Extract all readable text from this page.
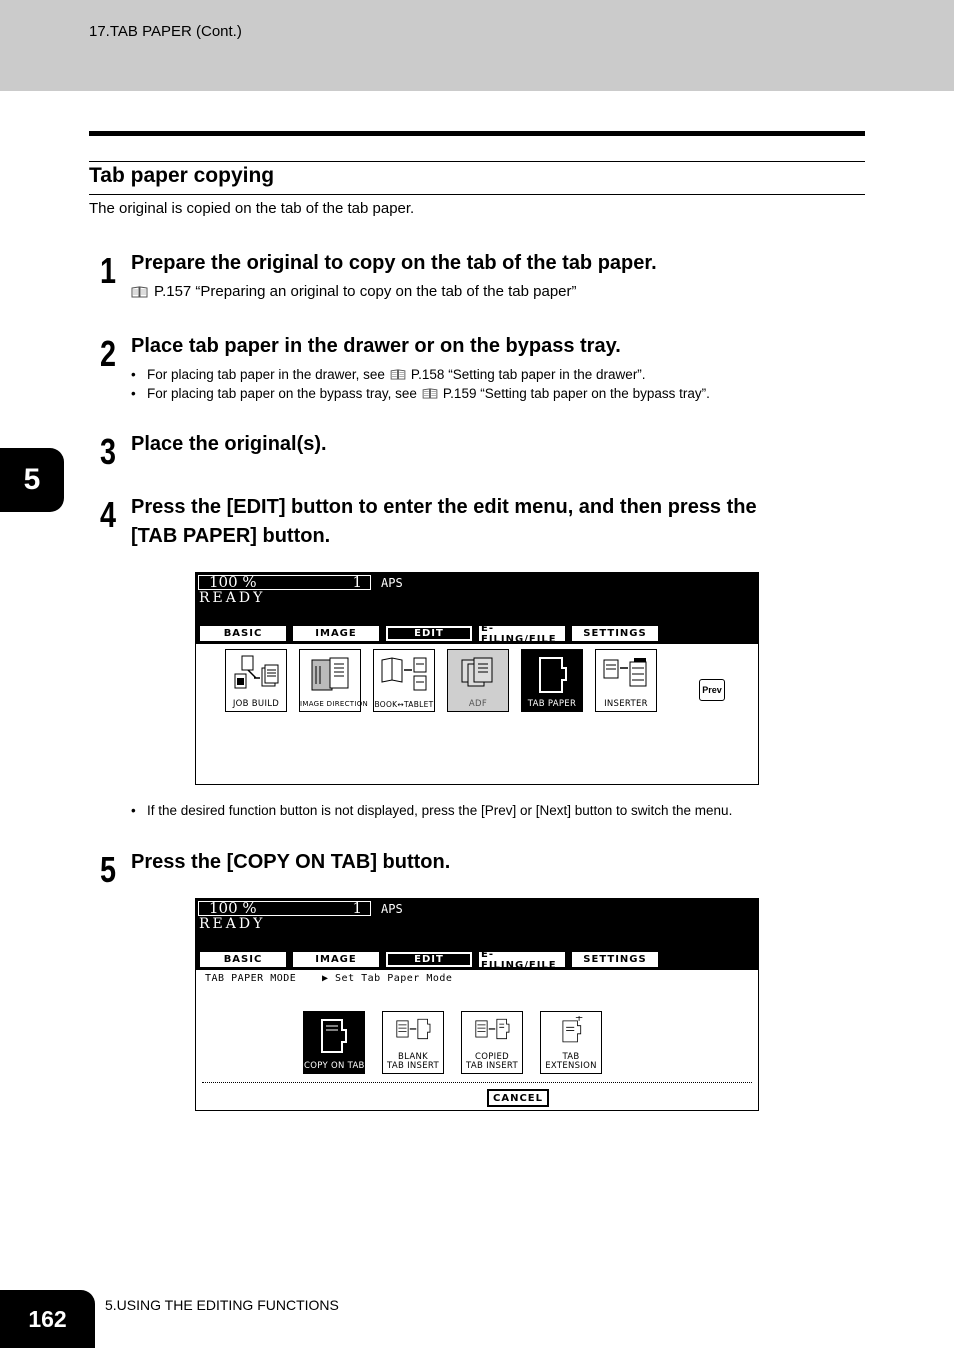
17.TAB PAPER (Cont.)
Tab paper copying
The original is copied on the tab of the tab paper.
1 Prepare the original to copy on the tab of the tab paper.
P.157 “Preparing an original to copy on the tab of the tab paper”
2 Place tab paper in the drawer or on the bypass tray.
• For placing tab paper in the drawer, see P.158 “Setting tab paper in the drawer”.
• For placing tab paper on the bypass tray, see P.159 “Setting tab paper on the bypass tray”.
3 Place the original(s).
5
4 Press the [EDIT] button to enter the edit menu, and then press the
[TAB PAPER] button.
100 %	1 APS
READY
BASIC	IMAGE	EDIT	E-FILING/FILE	SETTINGS
JOB BUILD	IMAGE DIRECTION BOOK↔TABLET	ADF	TAB PAPER	INSERTER
Prev
• If the desired function button is not displayed, press the [Prev] or [Next] button to switch the menu.
5 Press the [COPY ON TAB] button.
100 %	1 APS
READY
BASIC	IMAGE	EDIT	E-FILING/FILE	SETTINGS
TAB PAPER MODE	▶ Set Tab Paper Mode
COPY ON TAB
BLANK
TAB INSERT
COPIED
TAB INSERT
TAB
EXTENSION
CANCEL
162
5.USING THE EDITING FUNCTIONS
